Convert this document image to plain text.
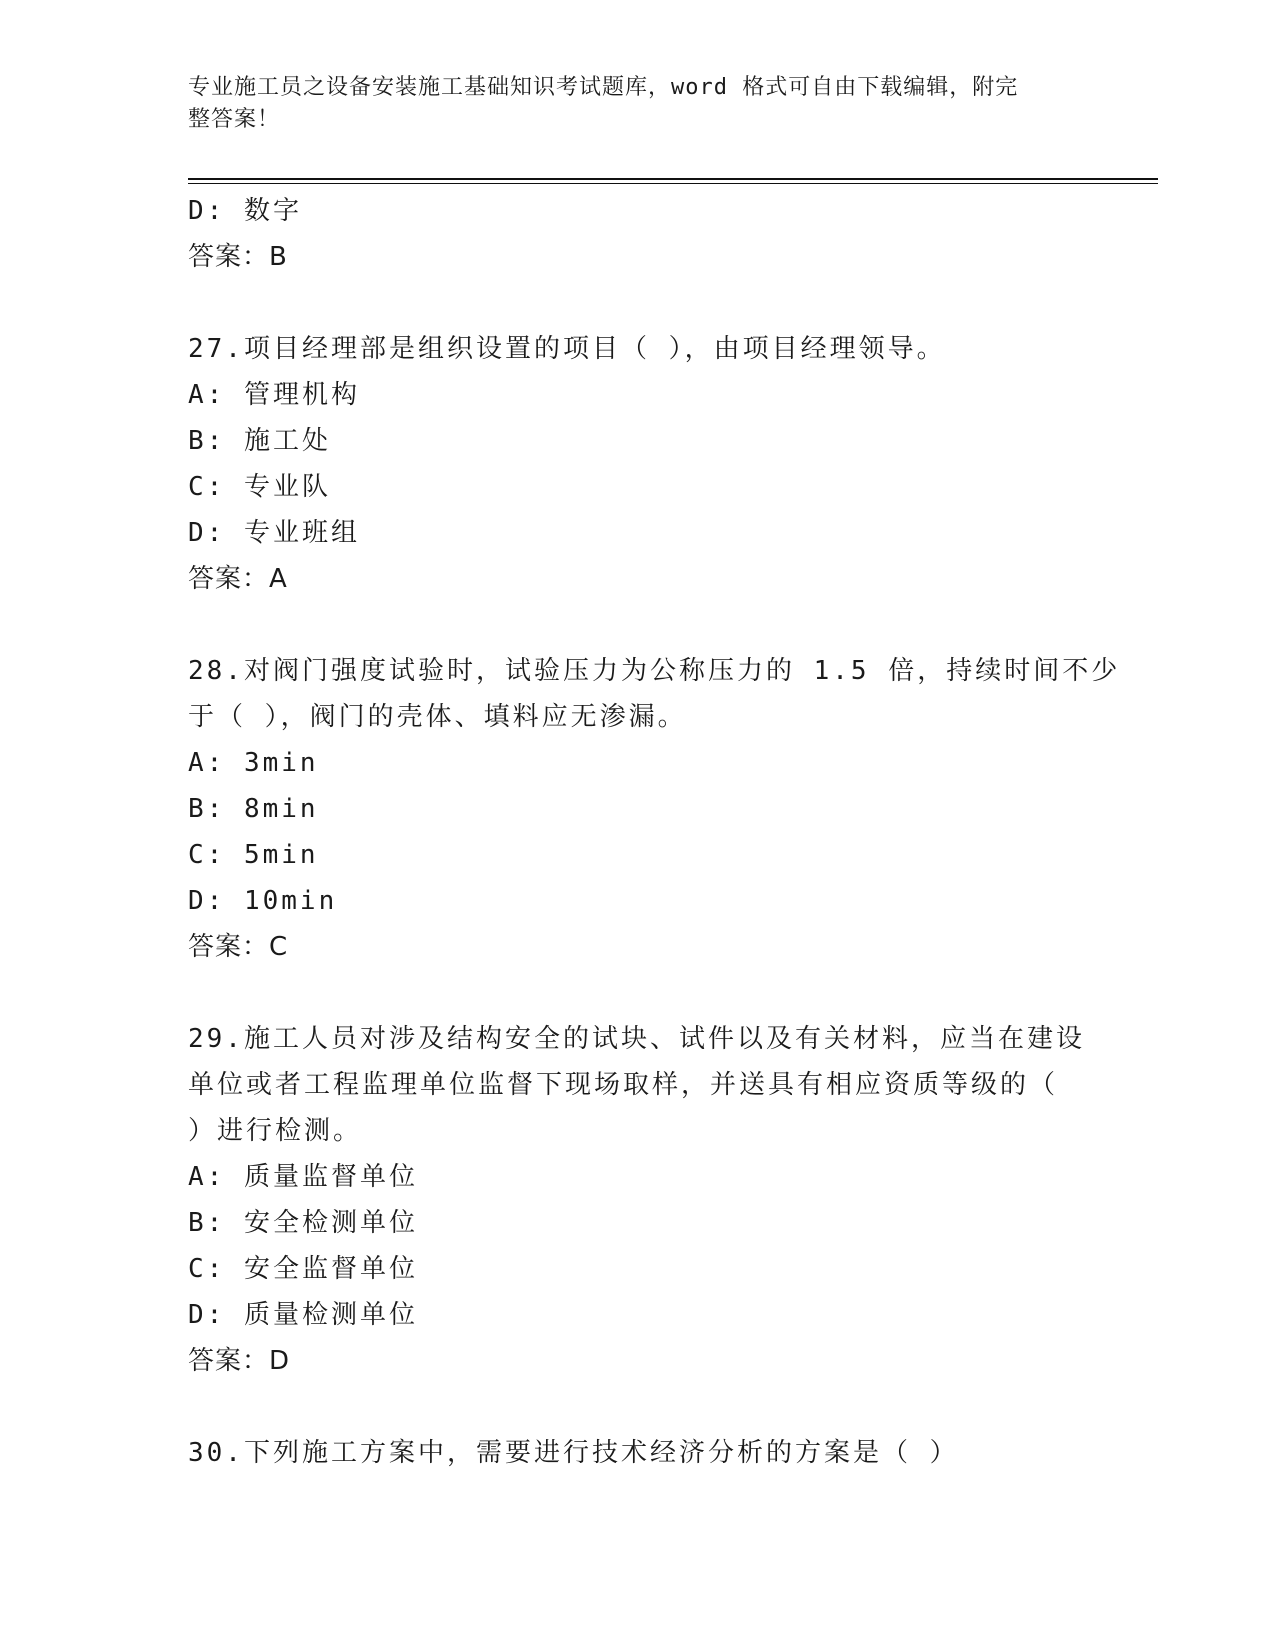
专业施工员之设备安装施工基础知识考试题库，word 格式可自由下载编辑，附完
整答案！
D: 数字
答案：B
27.项目经理部是组织设置的项目（ ），由项目经理领导。
A: 管理机构
B: 施工处
C: 专业队
D: 专业班组
答案：A
28.对阀门强度试验时，试验压力为公称压力的 1.5 倍，持续时间不少
于（ ），阀门的壳体、填料应无渗漏。
A: 3min
B: 8min
C: 5min
D: 10min
答案：C
29.施工人员对涉及结构安全的试块、试件以及有关材料，应当在建设
单位或者工程监理单位监督下现场取样，并送具有相应资质等级的（
）进行检测。
A: 质量监督单位
B: 安全检测单位
C: 安全监督单位
D: 质量检测单位
答案：D
30.下列施工方案中，需要进行技术经济分析的方案是（ ）
